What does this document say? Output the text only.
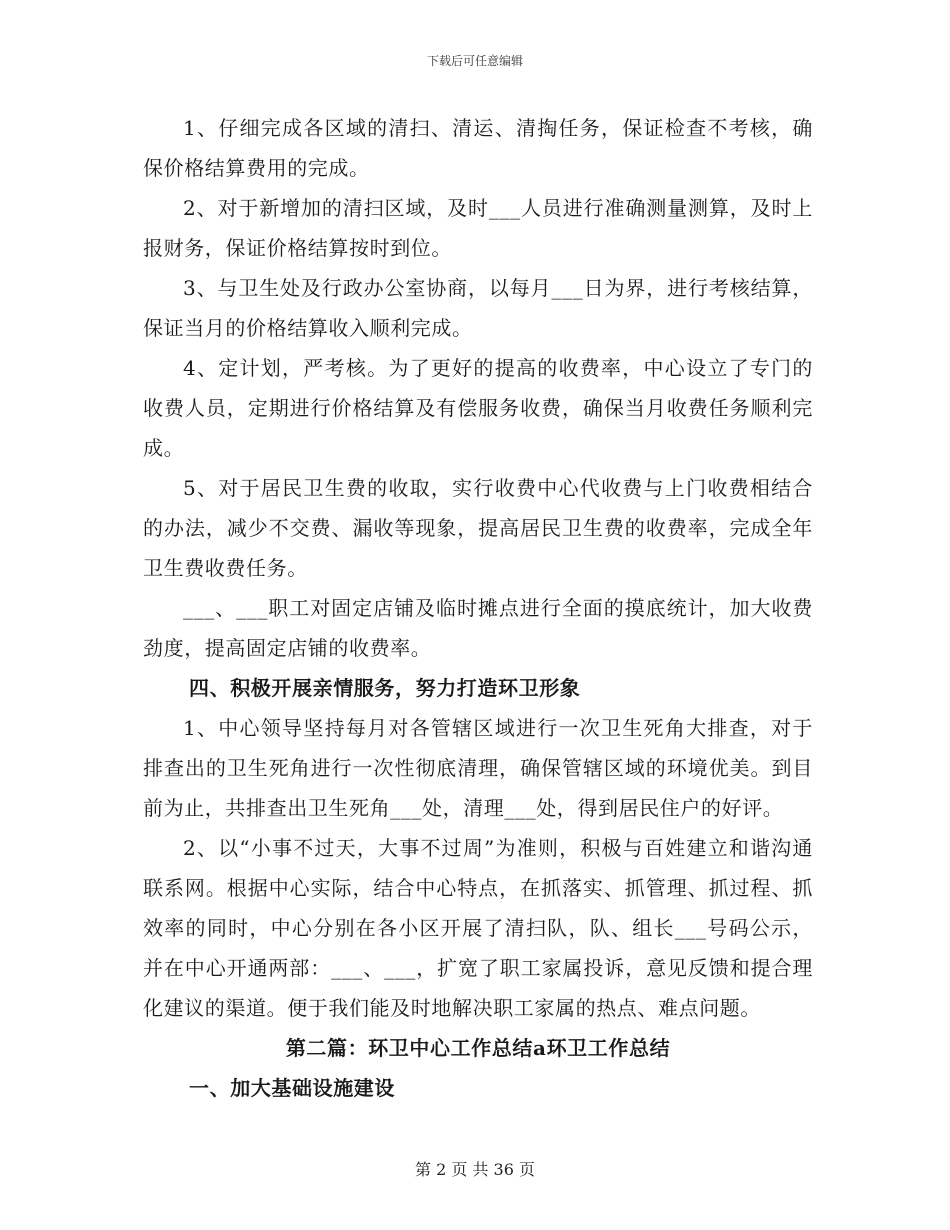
下载后可任意编辑

1、仔细完成各区域的清扫、清运、清掏任务，保证检查不考核，确保价格结算费用的完成。

2、对于新增加的清扫区域，及时___人员进行准确测量测算，及时上报财务，保证价格结算按时到位。

3、与卫生处及行政办公室协商，以每月___日为界，进行考核结算，保证当月的价格结算收入顺利完成。

4、定计划，严考核。为了更好的提高的收费率，中心设立了专门的收费人员，定期进行价格结算及有偿服务收费，确保当月收费任务顺利完成。

5、对于居民卫生费的收取，实行收费中心代收费与上门收费相结合的办法，减少不交费、漏收等现象，提高居民卫生费的收费率，完成全年卫生费收费任务。

___、___职工对固定店铺及临时摊点进行全面的摸底统计，加大收费劲度，提高固定店铺的收费率。

四、积极开展亲情服务，努力打造环卫形象

1、中心领导坚持每月对各管辖区域进行一次卫生死角大排查，对于排查出的卫生死角进行一次性彻底清理，确保管辖区域的环境优美。到目前为止，共排查出卫生死角___处，清理___处，得到居民住户的好评。

2、以“小事不过天，大事不过周”为准则，积极与百姓建立和谐沟通联系网。根据中心实际，结合中心特点，在抓落实、抓管理、抓过程、抓效率的同时，中心分别在各小区开展了清扫队，队、组长___号码公示，并在中心开通两部：___、___，扩宽了职工家属投诉，意见反馈和提合理化建议的渠道。便于我们能及时地解决职工家属的热点、难点问题。

第二篇：环卫中心工作总结a环卫工作总结

一、加大基础设施建设

第 2 页 共 36 页
